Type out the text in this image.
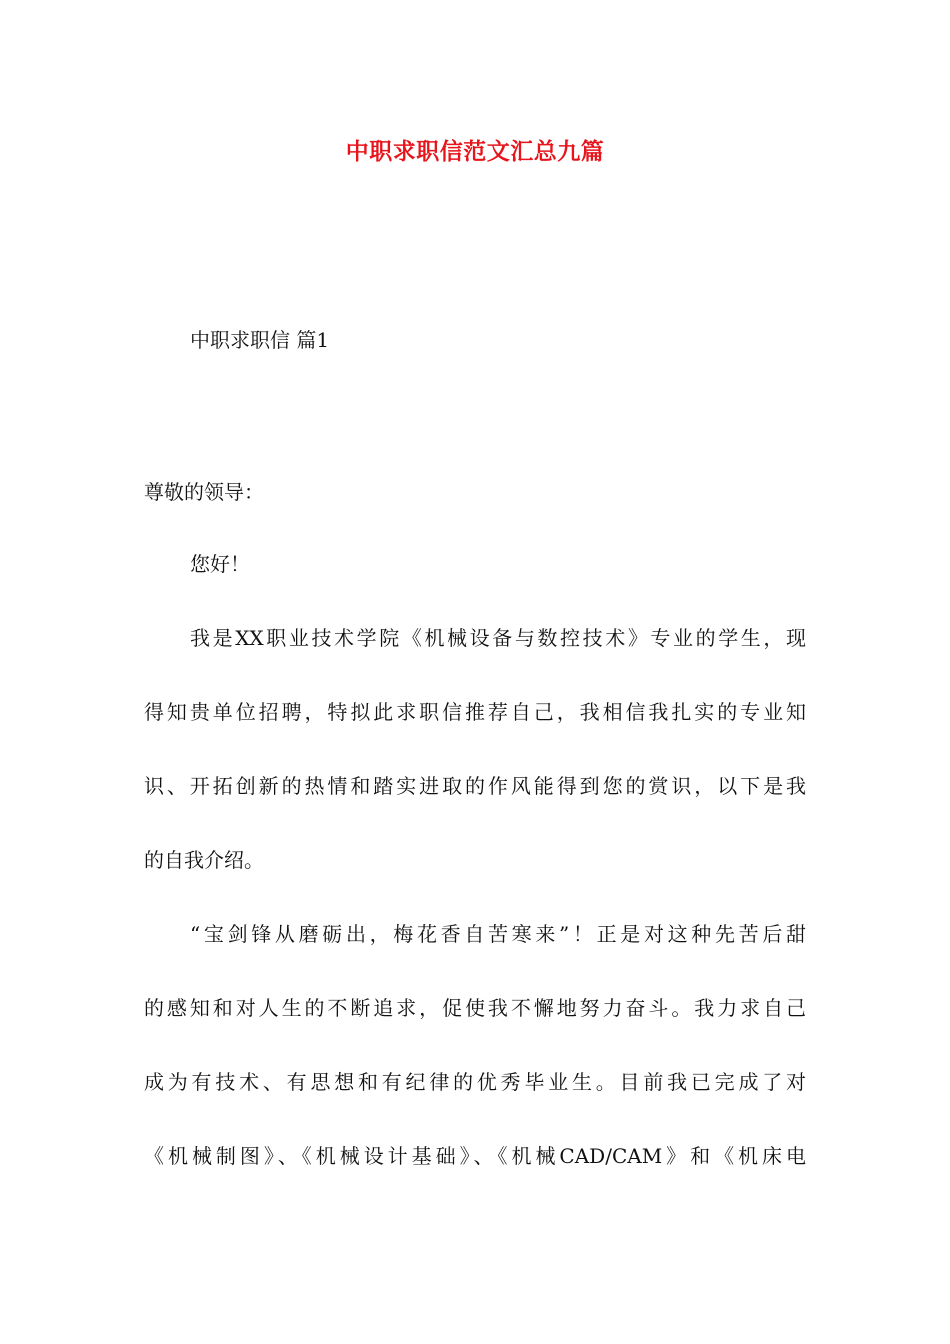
中职求职信范文汇总九篇
中职求职信 篇1
尊敬的领导：
您好！
我是XX职业技术学院《机械设备与数控技术》专业的学生，现
得知贵单位招聘，特拟此求职信推荐自己，我相信我扎实的专业知
识、开拓创新的热情和踏实进取的作风能得到您的赏识，以下是我
的自我介绍。
“宝剑锋从磨砺出，梅花香自苦寒来”！正是对这种先苦后甜
的感知和对人生的不断追求，促使我不懈地努力奋斗。我力求自己
成为有技术、有思想和有纪律的优秀毕业生。目前我已完成了对
《机械制图》、《机械设计基础》、《机械CAD/CAM》和《机床电
